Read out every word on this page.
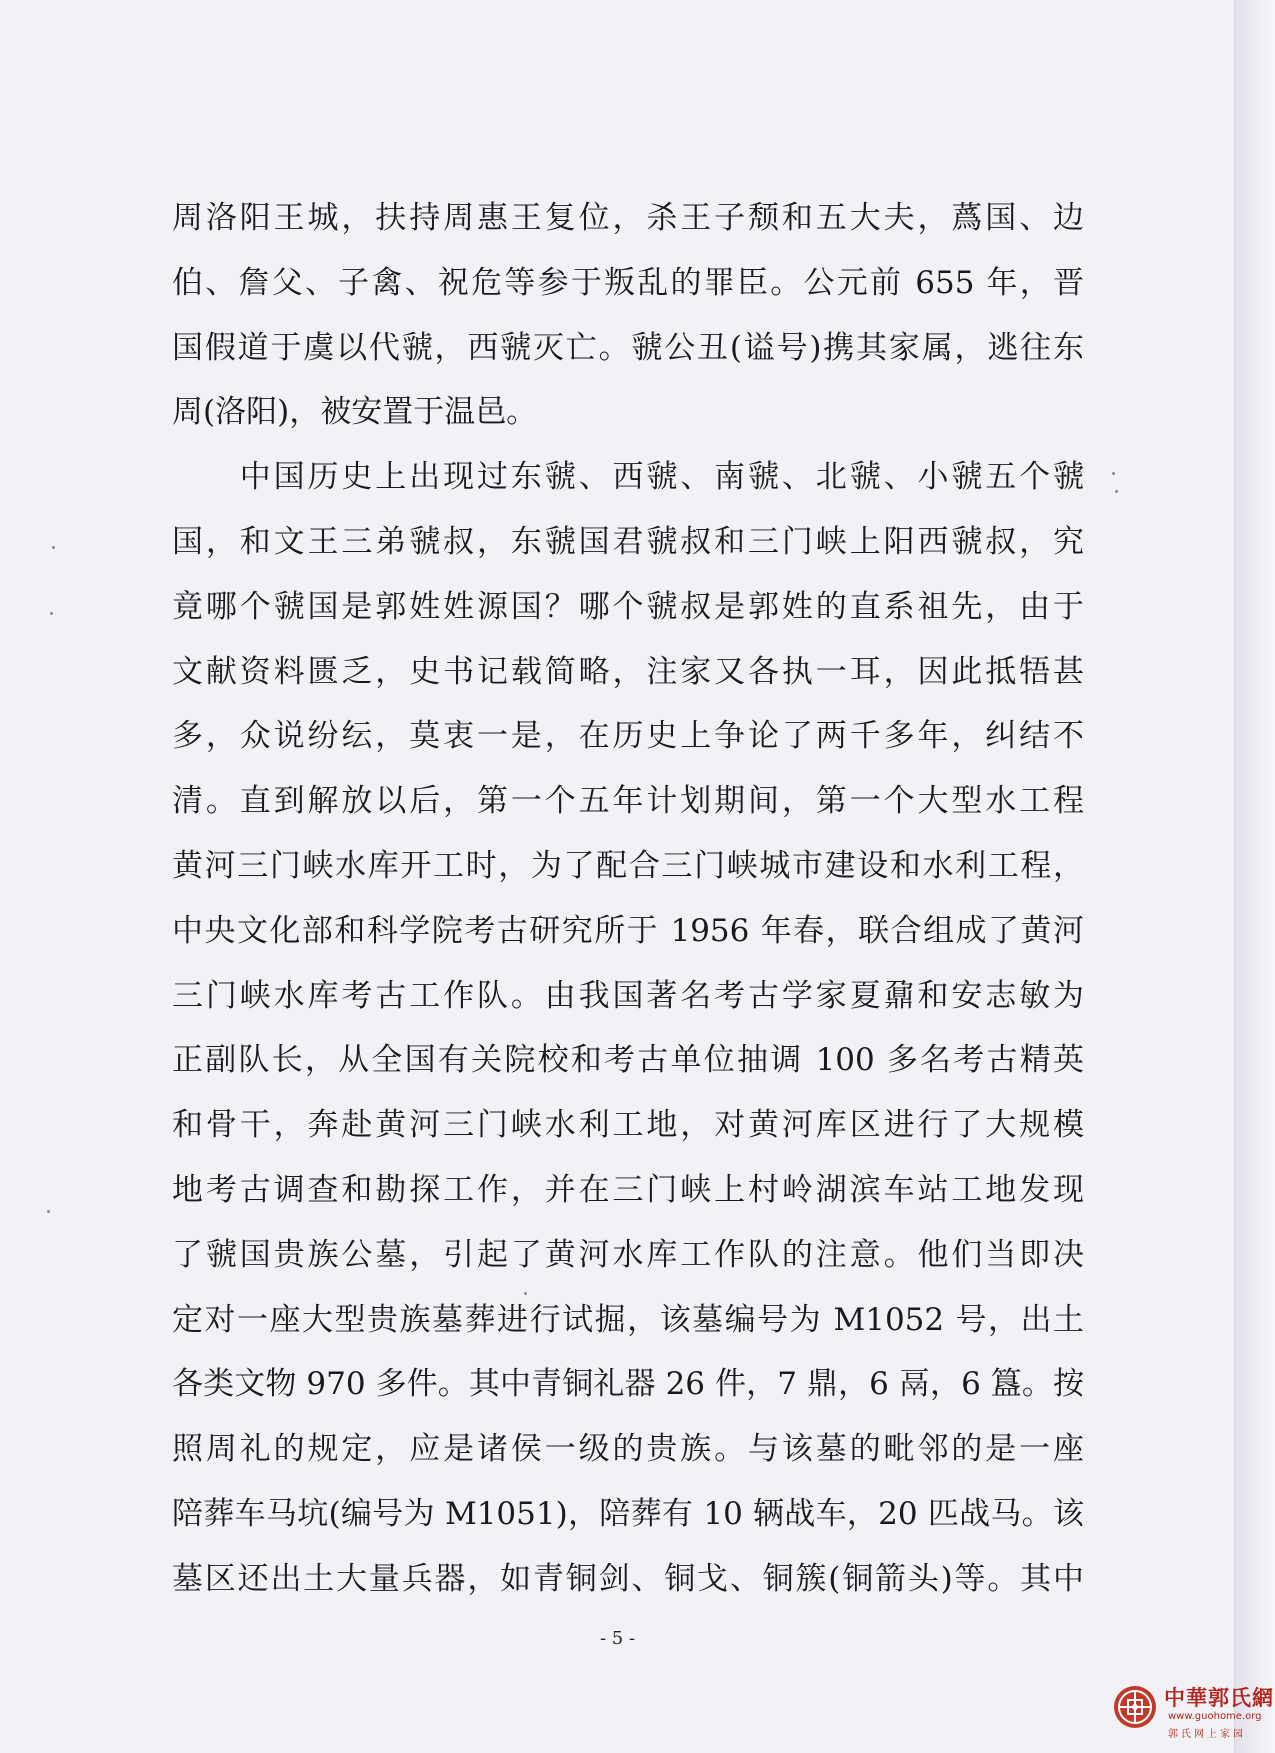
周洛阳王城，扶持周惠王复位，杀王子颓和五大夫，蔿国、边
伯、詹父、子禽、祝危等参于叛乱的罪臣。公元前 655 年，晋
国假道于虞以代虢，西虢灭亡。虢公丑(谥号)携其家属，逃往东
周(洛阳)，被安置于温邑。
　　中国历史上出现过东虢、西虢、南虢、北虢、小虢五个虢
国，和文王三弟虢叔，东虢国君虢叔和三门峡上阳西虢叔，究
竟哪个虢国是郭姓姓源国？哪个虢叔是郭姓的直系祖先，由于
文献资料匮乏，史书记载简略，注家又各执一耳，因此抵牾甚
多，众说纷纭，莫衷一是，在历史上争论了两千多年，纠结不
清。直到解放以后，第一个五年计划期间，第一个大型水工程
黄河三门峡水库开工时，为了配合三门峡城市建设和水利工程，
中央文化部和科学院考古研究所于 1956 年春，联合组成了黄河
三门峡水库考古工作队。由我国著名考古学家夏鼐和安志敏为
正副队长，从全国有关院校和考古单位抽调 100 多名考古精英
和骨干，奔赴黄河三门峡水利工地，对黄河库区进行了大规模
地考古调查和勘探工作，并在三门峡上村岭湖滨车站工地发现
了虢国贵族公墓，引起了黄河水库工作队的注意。他们当即决
定对一座大型贵族墓葬进行试掘，该墓编号为 M1052 号，出土
各类文物 970 多件。其中青铜礼器 26 件，7 鼎，6 鬲，6 簋。按
照周礼的规定，应是诸侯一级的贵族。与该墓的毗邻的是一座
陪葬车马坑(编号为 M1051)，陪葬有 10 辆战车，20 匹战马。该
墓区还出土大量兵器，如青铜剑、铜戈、铜簇(铜箭头)等。其中
- 5 -
中華郭氏網
www.guohome.org
郭氏网上家园
